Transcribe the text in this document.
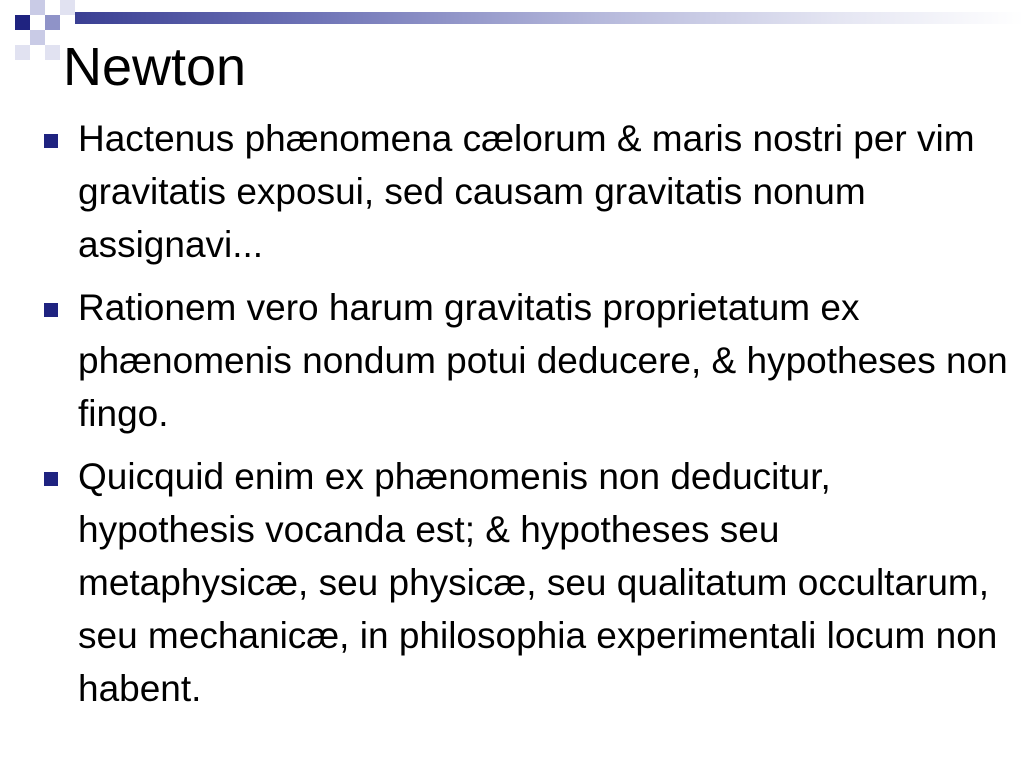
Newton
Hactenus phænomena cælorum & maris nostri per vim gravitatis exposui, sed causam gravitatis nonum assignavi...
Rationem vero harum gravitatis proprietatum ex phænomenis nondum potui deducere, & hypotheses non fingo.
Quicquid enim ex phænomenis non deducitur, hypothesis vocanda est; & hypotheses seu metaphysicæ, seu physicæ, seu qualitatum occultarum, seu mechanicæ, in philosophia experimentali locum non habent.
